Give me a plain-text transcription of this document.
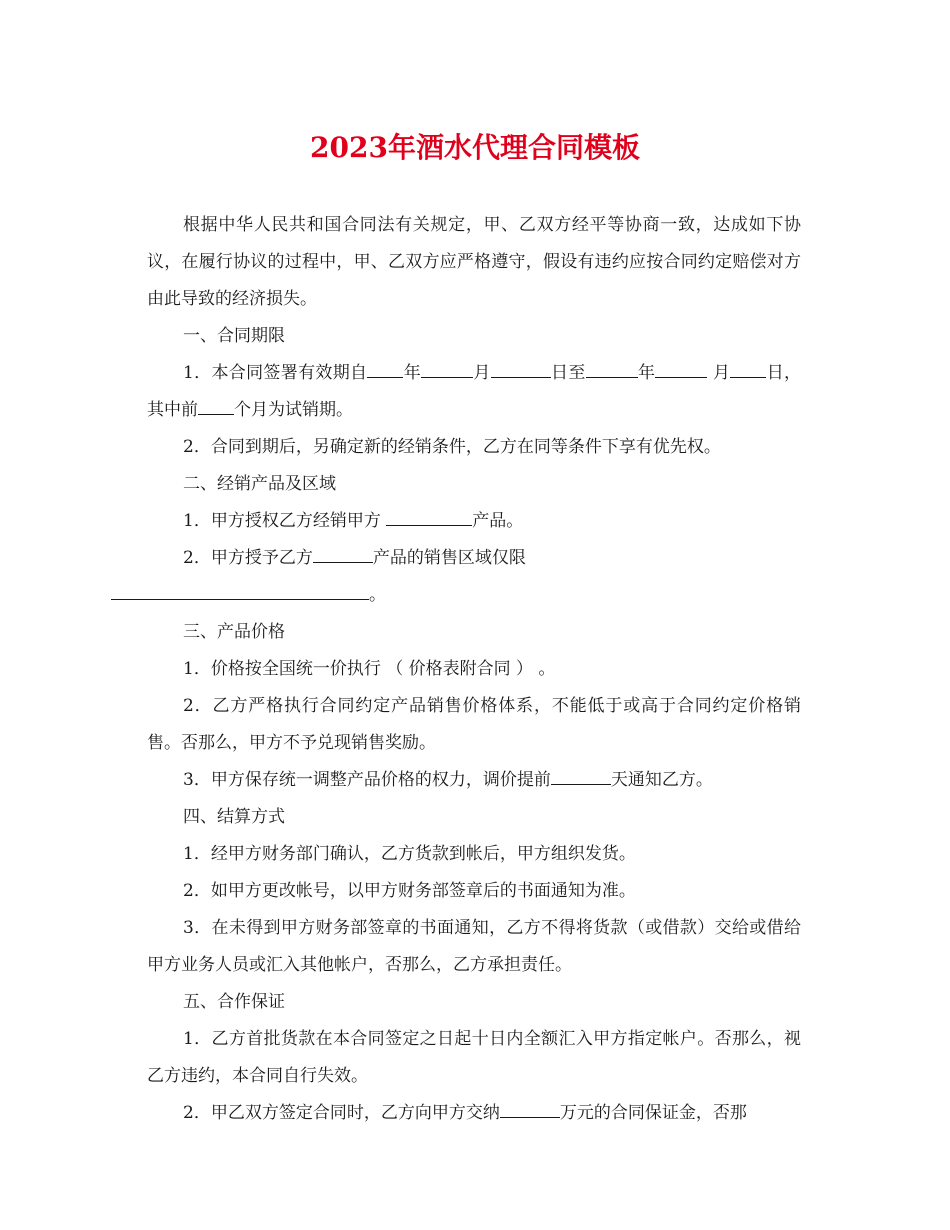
2023年酒水代理合同模板

根据中华人民共和国合同法有关规定，甲、乙双方经平等协商一致，达成如下协议，在履行协议的过程中，甲、乙双方应严格遵守，假设有违约应按合同约定赔偿对方由此导致的经济损失。

一、合同期限

1．本合同签署有效期自 年	月	日至	年	月 日，其中前 个月为试销期。

2．合同到期后，另确定新的经销条件，乙方在同等条件下享有优先权。

二、经销产品及区域

1．甲方授权乙方经销甲方	产品。

2．甲方授予乙方	产品的销售区域仅限
。

三、产品价格

1．价格按全国统一价执行 （ 价格表附合同 ） 。

2．乙方严格执行合同约定产品销售价格体系，不能低于或高于合同约定价格销售。否那么，甲方不予兑现销售奖励。

3．甲方保存统一调整产品价格的权力，调价提前	天通知乙方。

四、结算方式

1．经甲方财务部门确认，乙方货款到帐后，甲方组织发货。

2．如甲方更改帐号，以甲方财务部签章后的书面通知为准。

3．在未得到甲方财务部签章的书面通知，乙方不得将货款（或借款）交给或借给甲方业务人员或汇入其他帐户，否那么，乙方承担责任。

五、合作保证

1．乙方首批货款在本合同签定之日起十日内全额汇入甲方指定帐户。否那么，视乙方违约，本合同自行失效。

2．甲乙双方签定合同时，乙方向甲方交纳	万元的合同保证金，否那
